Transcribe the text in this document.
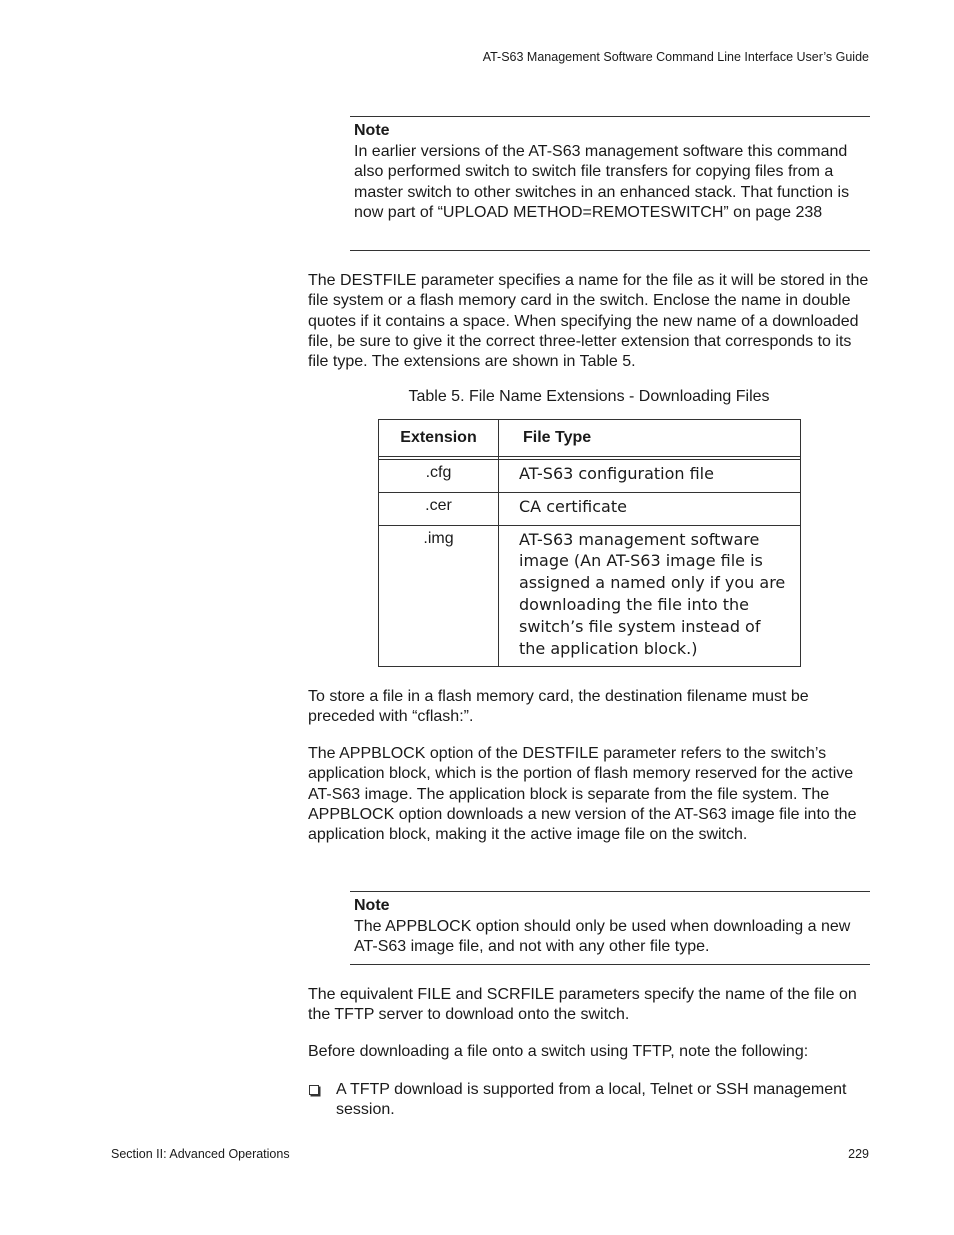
AT-S63 Management Software Command Line Interface User’s Guide
Note
In earlier versions of the AT-S63 management software this command also performed switch to switch file transfers for copying files from a master switch to other switches in an enhanced stack. That function is now part of “UPLOAD METHOD=REMOTESWITCH” on page 238
The DESTFILE parameter specifies a name for the file as it will be stored in the file system or a flash memory card in the switch. Enclose the name in double quotes if it contains a space. When specifying the new name of a downloaded file, be sure to give it the correct three-letter extension that corresponds to its file type. The extensions are shown in Table 5.
Table 5. File Name Extensions - Downloading Files
Extension	File Type

.cfg	AT-S63 configuration file
.cer	CA certificate
.img	AT-S63 management software image (An AT-S63 image file is assigned a named only if you are downloading the file into the switch’s file system instead of the application block.)
To store a file in a flash memory card, the destination filename must be preceded with “cflash:”.
The APPBLOCK option of the DESTFILE parameter refers to the switch’s application block, which is the portion of flash memory reserved for the active AT-S63 image. The application block is separate from the file system. The APPBLOCK option downloads a new version of the AT-S63 image file into the application block, making it the active image file on the switch.
Note
The APPBLOCK option should only be used when downloading a new AT-S63 image file, and not with any other file type.
The equivalent FILE and SCRFILE parameters specify the name of the file on the TFTP server to download onto the switch.
Before downloading a file onto a switch using TFTP, note the following:
A TFTP download is supported from a local, Telnet or SSH management session.
Section II: Advanced Operations	229
